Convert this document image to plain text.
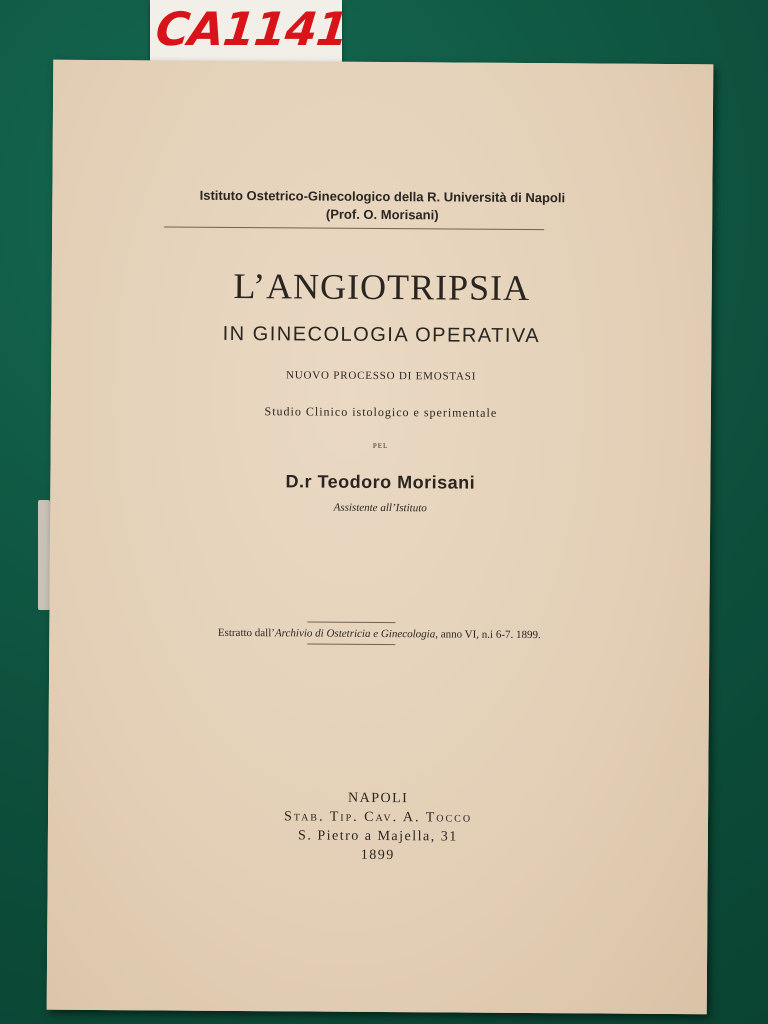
CA1141
Istituto Ostetrico-Ginecologico della R. Università di Napoli
(Prof. O. Morisani)
L’ANGIOTRIPSIA
IN GINECOLOGIA OPERATIVA
NUOVO PROCESSO DI EMOSTASI
Studio Clinico istologico e sperimentale
PEL
D.r Teodoro Morisani
Assistente all’Istituto
Estratto dall’Archivio di Ostetricia e Ginecologia, anno VI, n.i 6-7. 1899.
NAPOLI
Stab. Tip. Cav. A. Tocco
S. Pietro a Majella, 31
1899
